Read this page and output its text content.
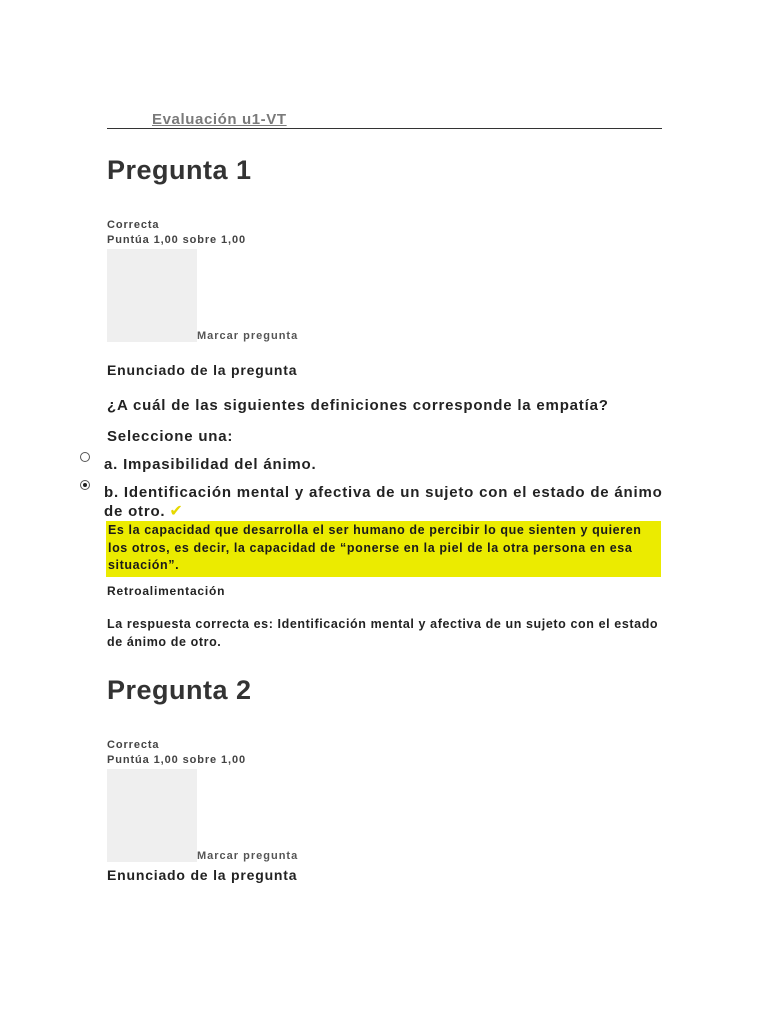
Evaluación u1-VT
Pregunta 1
Correcta
Puntúa 1,00 sobre 1,00
Marcar pregunta
Enunciado de la pregunta
¿A cuál de las siguientes definiciones corresponde la empatía?
Seleccione una:
a. Impasibilidad del ánimo.
b. Identificación mental y afectiva de un sujeto con el estado de ánimo de otro. ✔
Es la capacidad que desarrolla el ser humano de percibir lo que sienten y quieren los otros, es decir, la capacidad de “ponerse en la piel de la otra persona en esa situación”.
Retroalimentación
La respuesta correcta es: Identificación mental y afectiva de un sujeto con el estado de ánimo de otro.
Pregunta 2
Correcta
Puntúa 1,00 sobre 1,00
Marcar pregunta
Enunciado de la pregunta
